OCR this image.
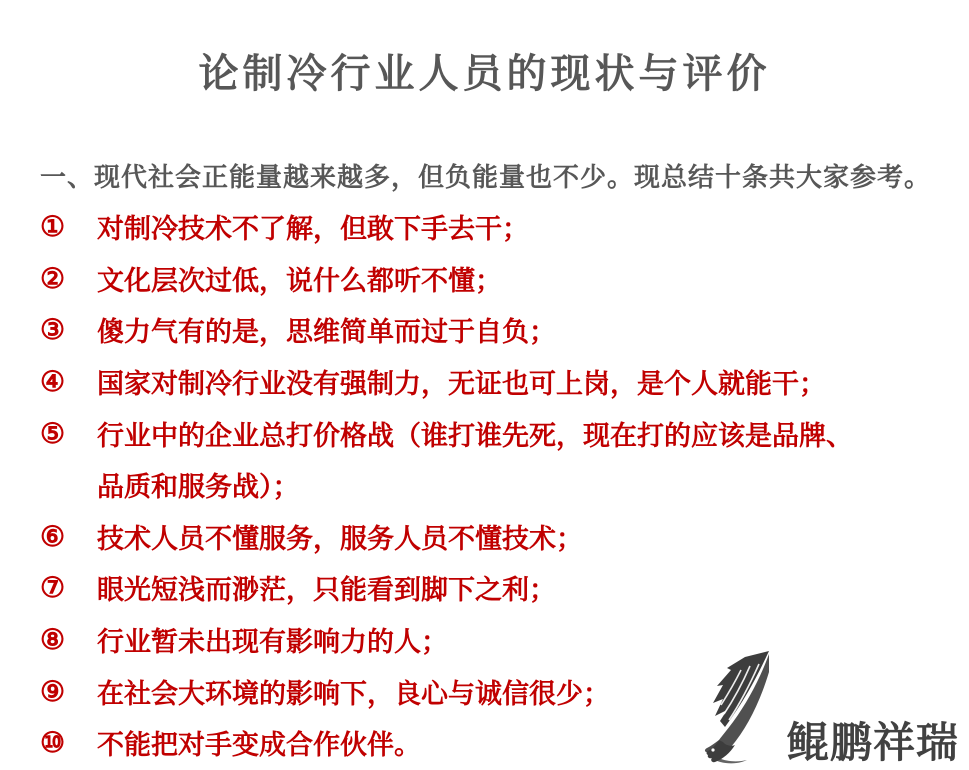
论制冷行业人员的现状与评价
一、现代社会正能量越来越多，但负能量也不少。现总结十条共大家参考。
①	对制冷技术不了解，但敢下手去干；
②	文化层次过低，说什么都听不懂；
③	傻力气有的是，思维简单而过于自负；
④	国家对制冷行业没有强制力，无证也可上岗，是个人就能干；
⑤	行业中的企业总打价格战（谁打谁先死，现在打的应该是品牌、
品质和服务战）；
⑥	技术人员不懂服务，服务人员不懂技术；
⑦	眼光短浅而渺茫，只能看到脚下之利；
⑧	行业暂未出现有影响力的人；
⑨	在社会大环境的影响下，良心与诚信很少；
⑩	不能把对手变成合作伙伴。	鲲鹏祥瑞
